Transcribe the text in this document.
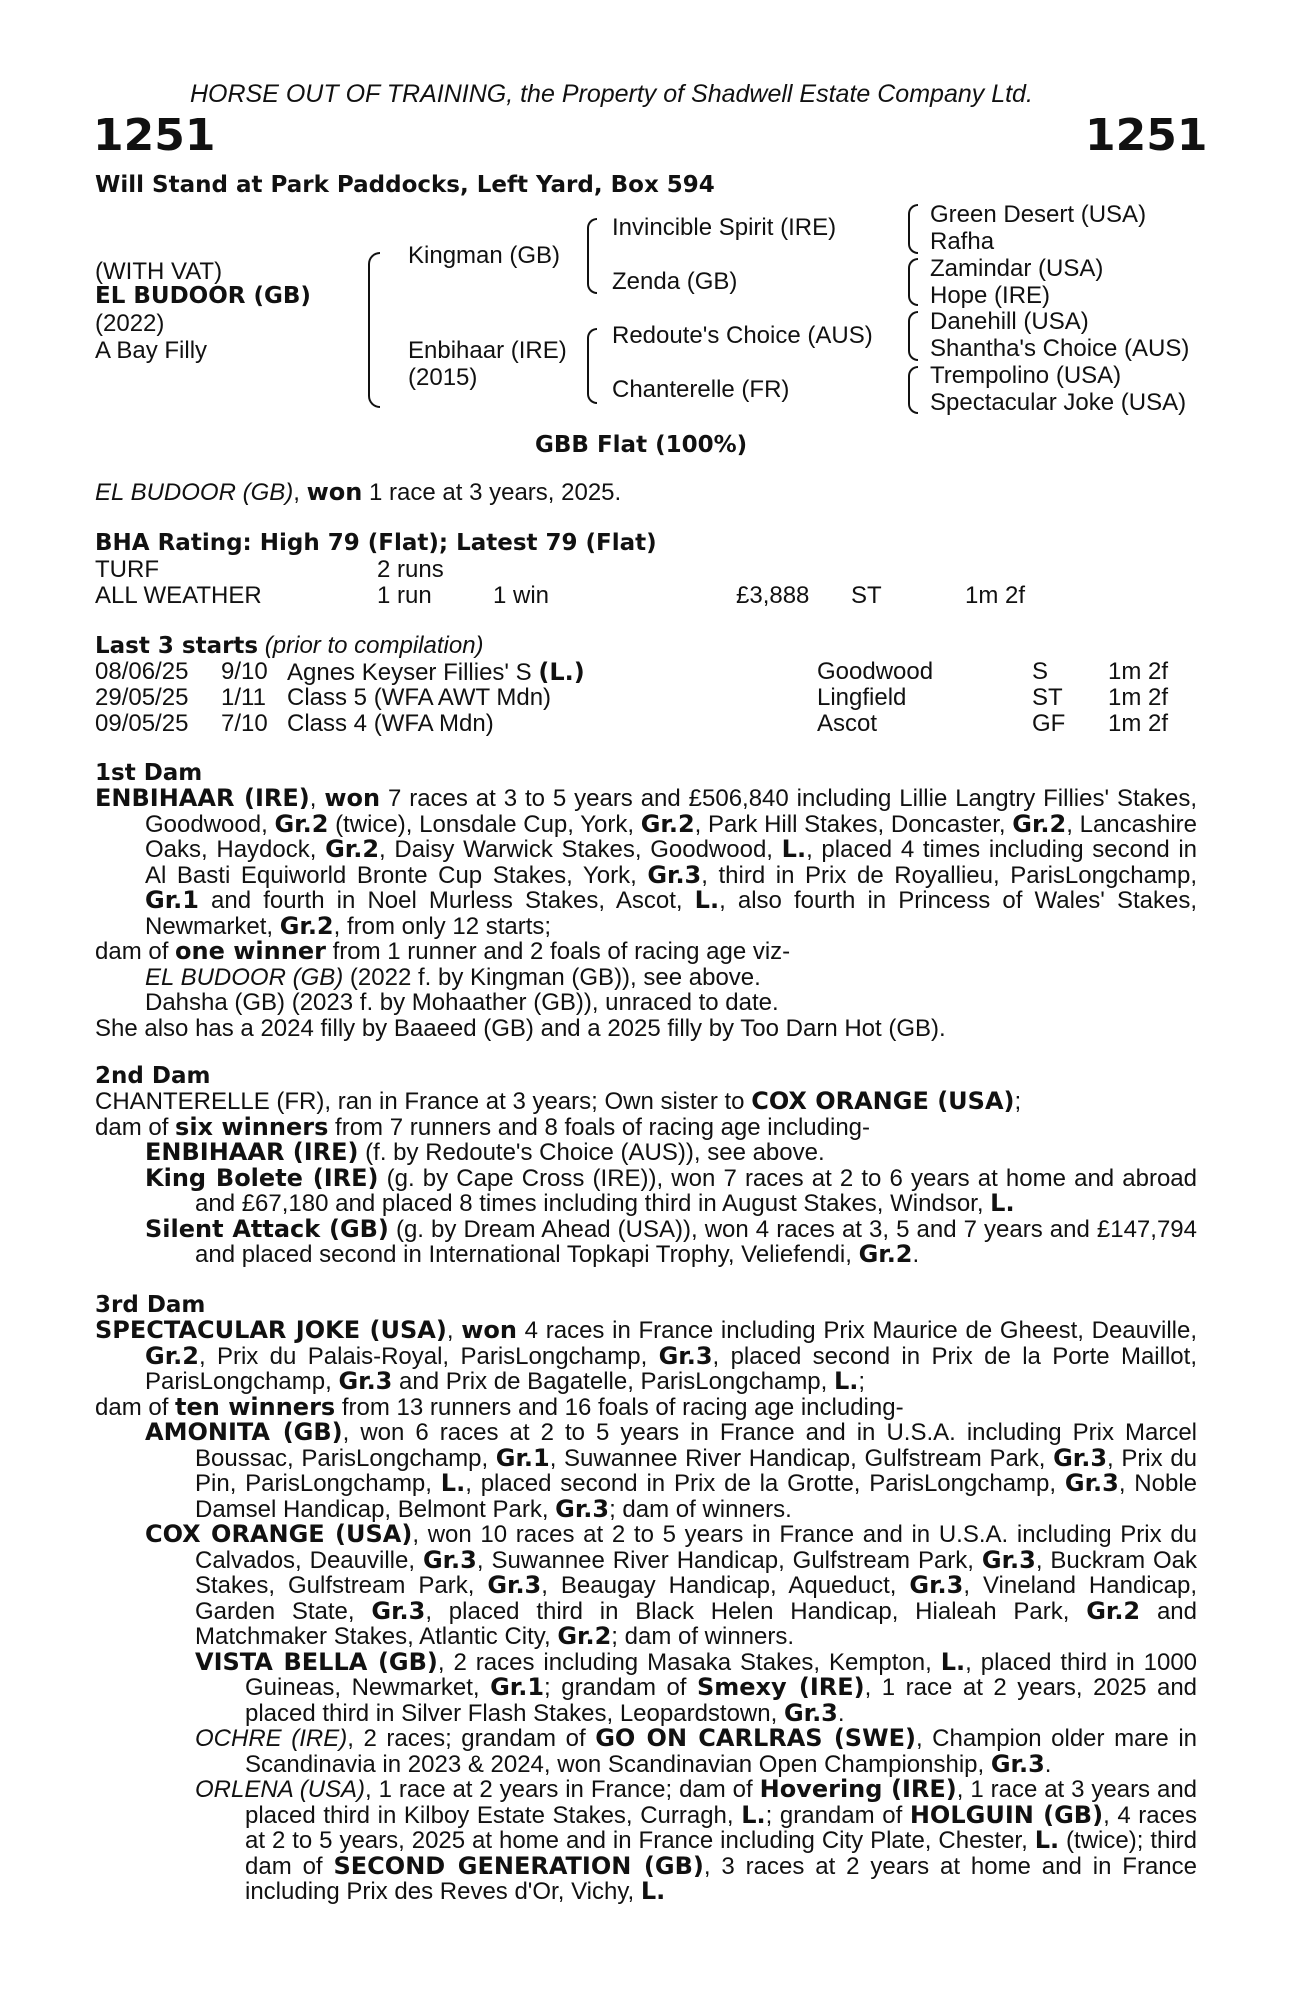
HORSE OUT OF TRAINING, the Property of Shadwell Estate Company Ltd.
1251	1251
Will Stand at Park Paddocks, Left Yard, Box 594
(WITH VAT)
EL BUDOOR (GB)
(2022)
A Bay Filly
Kingman (GB)
Enbihaar (IRE)
(2015)
Invincible Spirit (IRE)
Zenda (GB)
Redoute's Choice (AUS)
Chanterelle (FR)
Green Desert (USA)
Rafha
Zamindar (USA)
Hope (IRE)
Danehill (USA)
Shantha's Choice (AUS)
Trempolino (USA)
Spectacular Joke (USA)
GBB Flat (100%)
EL BUDOOR (GB), won 1 race at 3 years, 2025.
BHA Rating: High 79 (Flat); Latest 79 (Flat)
TURF	2 runs
ALL WEATHER	1 run	1 win	£3,888 ST	1m 2f
Last 3 starts (prior to compilation)
08/06/25 9/10 Agnes Keyser Fillies' S (L.)	Goodwood	S 1m 2f
29/05/25 1/11 Class 5 (WFA AWT Mdn)	Lingfield	ST 1m 2f
09/05/25 7/10 Class 4 (WFA Mdn)	Ascot	GF 1m 2f
1st Dam
ENBIHAAR (IRE), won 7 races at 3 to 5 years and £506,840 including Lillie Langtry Fillies' Stakes, Goodwood, Gr.2 (twice), Lonsdale Cup, York, Gr.2, Park Hill Stakes, Doncaster, Gr.2, Lancashire Oaks, Haydock, Gr.2, Daisy Warwick Stakes, Goodwood, L., placed 4 times including second in Al Basti Equiworld Bronte Cup Stakes, York, Gr.3, third in Prix de Royallieu, ParisLongchamp, Gr.1 and fourth in Noel Murless Stakes, Ascot, L., also fourth in Princess of Wales' Stakes, Newmarket, Gr.2, from only 12 starts;
dam of one winner from 1 runner and 2 foals of racing age viz-
EL BUDOOR (GB) (2022 f. by Kingman (GB)), see above.
Dahsha (GB) (2023 f. by Mohaather (GB)), unraced to date.
She also has a 2024 filly by Baaeed (GB) and a 2025 filly by Too Darn Hot (GB).
2nd Dam
CHANTERELLE (FR), ran in France at 3 years; Own sister to COX ORANGE (USA);
dam of six winners from 7 runners and 8 foals of racing age including-
ENBIHAAR (IRE) (f. by Redoute's Choice (AUS)), see above.
King Bolete (IRE) (g. by Cape Cross (IRE)), won 7 races at 2 to 6 years at home and abroad and £67,180 and placed 8 times including third in August Stakes, Windsor, L.
Silent Attack (GB) (g. by Dream Ahead (USA)), won 4 races at 3, 5 and 7 years and £147,794 and placed second in International Topkapi Trophy, Veliefendi, Gr.2.
3rd Dam
SPECTACULAR JOKE (USA), won 4 races in France including Prix Maurice de Gheest, Deauville, Gr.2, Prix du Palais-Royal, ParisLongchamp, Gr.3, placed second in Prix de la Porte Maillot, ParisLongchamp, Gr.3 and Prix de Bagatelle, ParisLongchamp, L.;
dam of ten winners from 13 runners and 16 foals of racing age including-
AMONITA (GB), won 6 races at 2 to 5 years in France and in U.S.A. including Prix Marcel Boussac, ParisLongchamp, Gr.1, Suwannee River Handicap, Gulfstream Park, Gr.3, Prix du Pin, ParisLongchamp, L., placed second in Prix de la Grotte, ParisLongchamp, Gr.3, Noble Damsel Handicap, Belmont Park, Gr.3; dam of winners.
COX ORANGE (USA), won 10 races at 2 to 5 years in France and in U.S.A. including Prix du Calvados, Deauville, Gr.3, Suwannee River Handicap, Gulfstream Park, Gr.3, Buckram Oak Stakes, Gulfstream Park, Gr.3, Beaugay Handicap, Aqueduct, Gr.3, Vineland Handicap, Garden State, Gr.3, placed third in Black Helen Handicap, Hialeah Park, Gr.2 and Matchmaker Stakes, Atlantic City, Gr.2; dam of winners.
VISTA BELLA (GB), 2 races including Masaka Stakes, Kempton, L., placed third in 1000 Guineas, Newmarket, Gr.1; grandam of Smexy (IRE), 1 race at 2 years, 2025 and placed third in Silver Flash Stakes, Leopardstown, Gr.3.
OCHRE (IRE), 2 races; grandam of GO ON CARLRAS (SWE), Champion older mare in Scandinavia in 2023 & 2024, won Scandinavian Open Championship, Gr.3.
ORLENA (USA), 1 race at 2 years in France; dam of Hovering (IRE), 1 race at 3 years and placed third in Kilboy Estate Stakes, Curragh, L.; grandam of HOLGUIN (GB), 4 races at 2 to 5 years, 2025 at home and in France including City Plate, Chester, L. (twice); third dam of SECOND GENERATION (GB), 3 races at 2 years at home and in France including Prix des Reves d'Or, Vichy, L.
